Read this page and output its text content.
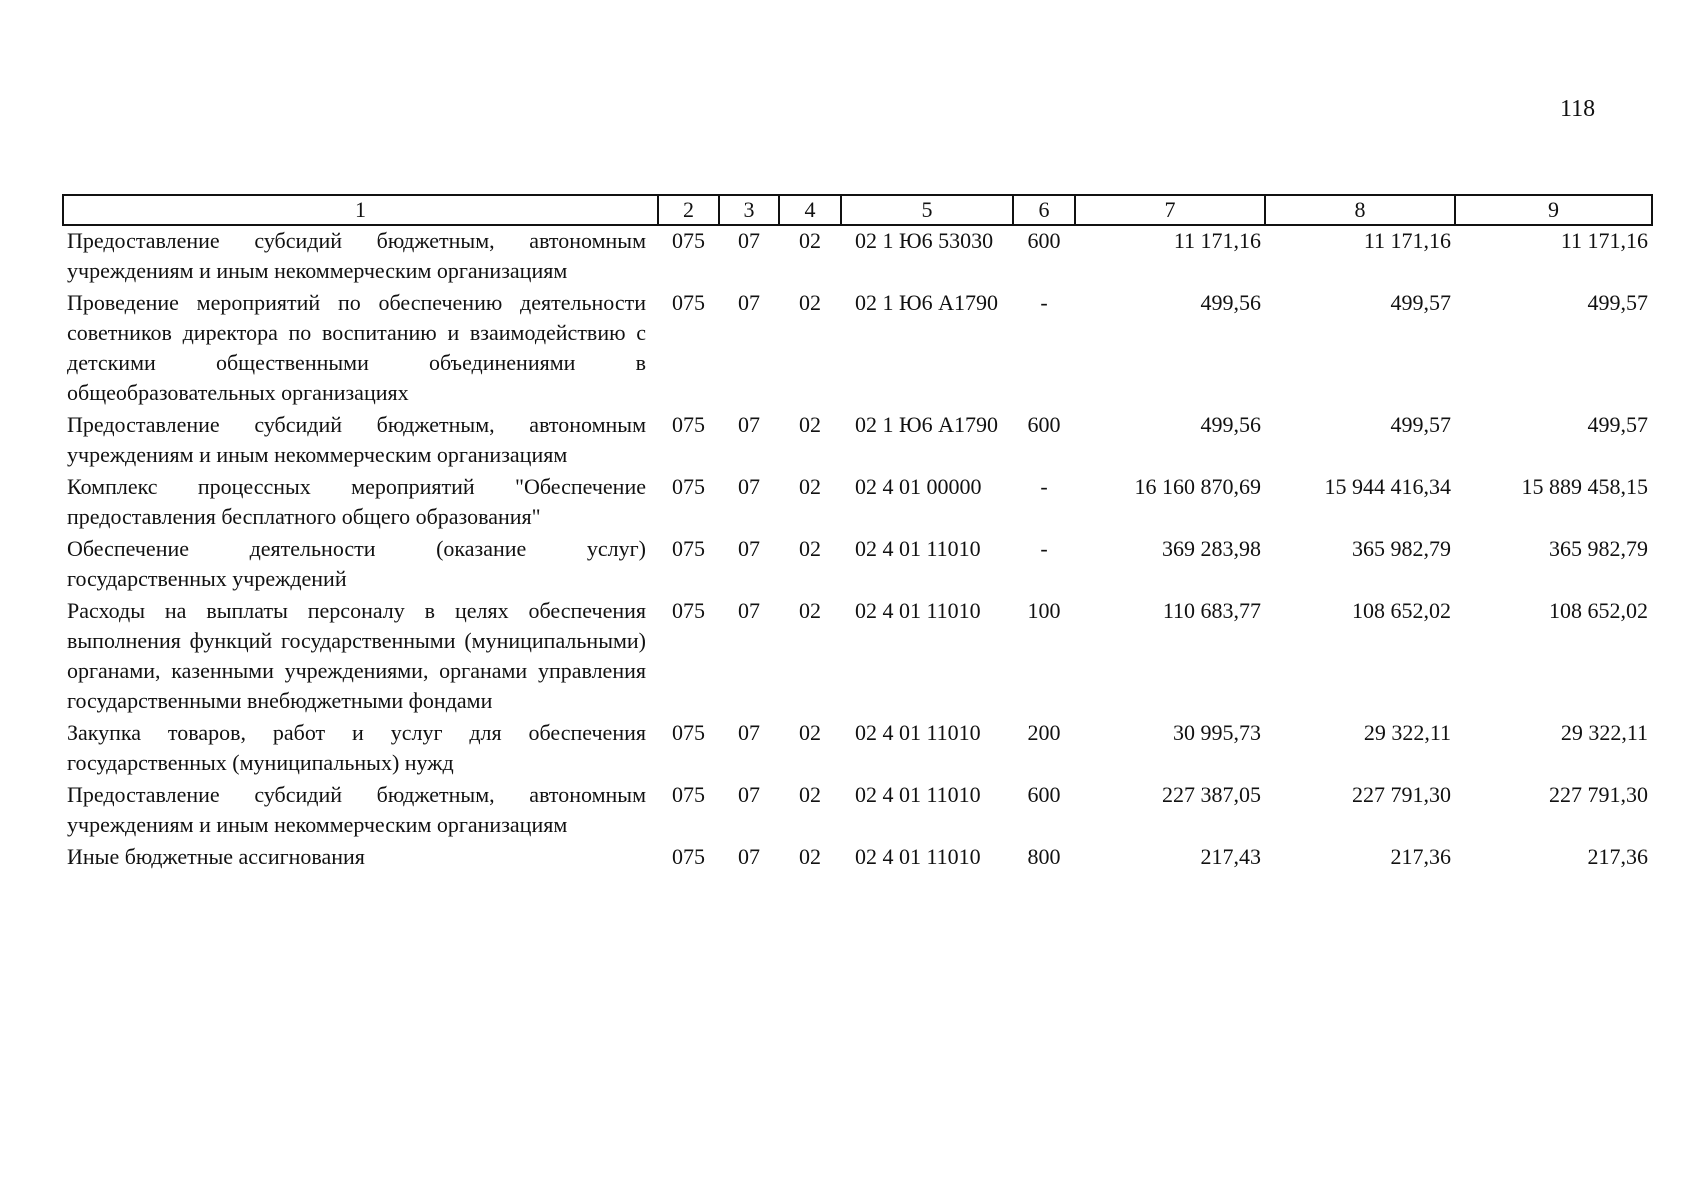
118
1	2	3	4	5	6	7	8	9
Предоставление субсидий бюджетным, автономным учреждениям и иным некоммерческим организациям	075	07	02	02 1 Ю6 53030	600	11 171,16	11 171,16	11 171,16
Проведение мероприятий по обеспечению деятельности советников директора по воспитанию и взаимодействию с детскими общественными объединениями в общеобразовательных организациях	075	07	02	02 1 Ю6 А1790	-	499,56	499,57	499,57
Предоставление субсидий бюджетным, автономным учреждениям и иным некоммерческим организациям	075	07	02	02 1 Ю6 А1790	600	499,56	499,57	499,57
Комплекс процессных мероприятий "Обеспечение предоставления бесплатного общего образования"	075	07	02	02 4 01 00000	-	16 160 870,69	15 944 416,34	15 889 458,15
Обеспечение деятельности (оказание услуг) государственных учреждений	075	07	02	02 4 01 11010	-	369 283,98	365 982,79	365 982,79
Расходы на выплаты персоналу в целях обеспечения выполнения функций государственными (муниципальными) органами, казенными учреждениями, органами управления государственными внебюджетными фондами	075	07	02	02 4 01 11010	100	110 683,77	108 652,02	108 652,02
Закупка товаров, работ и услуг для обеспечения государственных (муниципальных) нужд	075	07	02	02 4 01 11010	200	30 995,73	29 322,11	29 322,11
Предоставление субсидий бюджетным, автономным учреждениям и иным некоммерческим организациям	075	07	02	02 4 01 11010	600	227 387,05	227 791,30	227 791,30
Иные бюджетные ассигнования	075	07	02	02 4 01 11010	800	217,43	217,36	217,36
